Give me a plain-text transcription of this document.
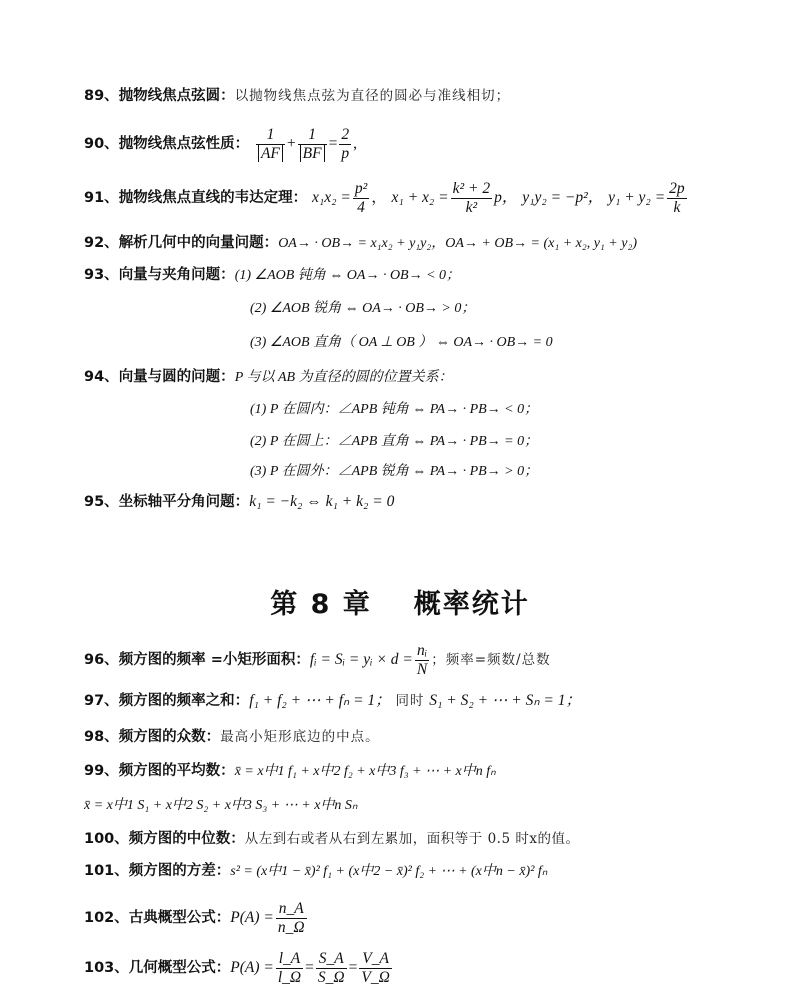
89、抛物线焦点弦圆：以抛物线焦点弦为直径的圆必与准线相切；
90、抛物线焦点弦性质： $\frac{1}{AF} + \frac{1}{BF} = \frac{2}{p}$ ,
91、抛物线焦点直线的韦达定理： $x_1x_2 = \frac{\text{p²}}{4}$ ， $x_1 + x_2 = \frac{\text{k² + 2}}{\text{k²}}$ p， y₁y₂ = −p²， $y_1 + y_2 = \frac{2p}{k}$
92、解析几何中的向量问题：OA→ · OB→ = x₁x₂ + y₁y₂，OA→ + OB→ = (x₁ + x₂, y₁ + y₂)
93、向量与夹角问题：(1) ∠AOB 钝角 ⇔ OA→ · OB→ < 0；
(2) ∠AOB 锐角 ⇔ OA→ · OB→ > 0；
(3) ∠AOB 直角（ OA ⊥ OB ） ⇔ OA→ · OB→ = 0
94、向量与圆的问题：P 与以 AB 为直径的圆的位置关系：
(1) P 在圆内：∠APB 钝角 ⇔ PA→ · PB→ < 0；
(2) P 在圆上：∠APB 直角 ⇔ PA→ · PB→ = 0；
(3) P 在圆外：∠APB 锐角 ⇔ PA→ · PB→ > 0；
95、坐标轴平分角问题：k₁ = −k₂ ⇔ k₁ + k₂ = 0
第 8 章 概率统计
96、频方图的频率 =小矩形面积：fᵢ = Sᵢ = yᵢ × $d = \frac{\text{nᵢ}}{N}$ ；频率=频数/总数
97、频方图的频率之和：f₁ + f₂ + ⋯ + fₙ = 1； 同时 S₁ + S₂ + ⋯ + Sₙ = 1；
98、频方图的众数：最高小矩形底边的中点。
99、频方图的平均数：x̄ = x中1 f₁ + x中2 f₂ + x中3 f₃ + ⋯ + x中n fₙ
x̄ = x中1 S₁ + x中2 S₂ + x中3 S₃ + ⋯ + x中n Sₙ
100、频方图的中位数：从左到右或者从右到左累加，面积等于 0.5 时x的值。
101、频方图的方差：s² = (x中1 − x̄)² f₁ + (x中2 − x̄)² f₂ + ⋯ + (x中n − x̄)² fₙ
102、古典概型公式：$P(A) = \frac{n\_A}{n\_\Omega}$
103、几何概型公式：$P(A) = \frac{l\_A}{l\_\Omega} = \frac{S\_A}{S\_\Omega} = \frac{V\_A}{V\_\Omega}$
